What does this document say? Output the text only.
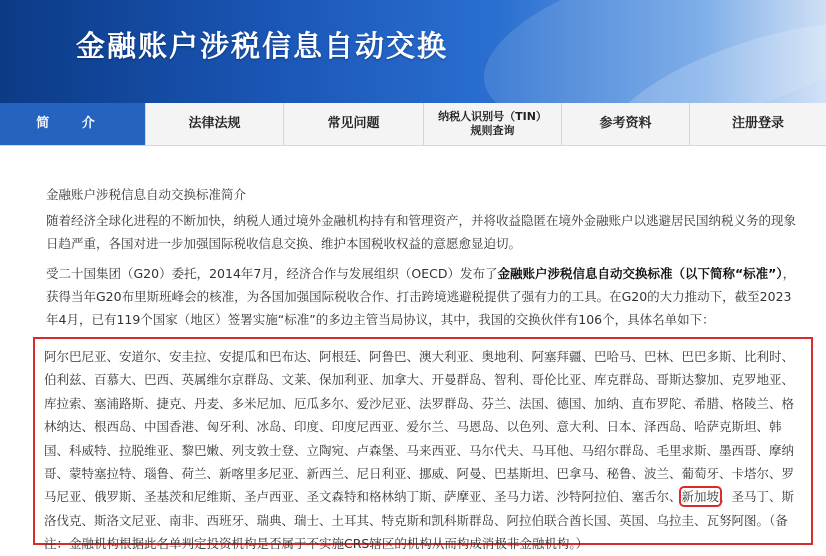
金融账户涉税信息自动交换
简 介	法律法规	常见问题	纳税人识别号（TIN）
规则查询	参考资料	注册登录
金融账户涉税信息自动交换标准简介
随着经济全球化进程的不断加快，纳税人通过境外金融机构持有和管理资产，并将收益隐匿在境外金融账户以逃避居民国纳税义务的现象日趋严重，各国对进一步加强国际税收信息交换、维护本国税收权益的意愿愈显迫切。
受二十国集团（G20）委托，2014年7月，经济合作与发展组织（OECD）发布了金融账户涉税信息自动交换标准（以下简称“标准”），获得当年G20布里斯班峰会的核准，为各国加强国际税收合作、打击跨境逃避税提供了强有力的工具。在G20的大力推动下，截至2023年4月，已有119个国家（地区）签署实施“标准”的多边主管当局协议，其中，我国的交换伙伴有106个，具体名单如下：

阿尔巴尼亚、安道尔、安圭拉、安提瓜和巴布达、阿根廷、阿鲁巴、澳大利亚、奥地利、阿塞拜疆、巴哈马、巴林、巴巴多斯、比利时、伯利兹、百慕大、巴西、英属维尔京群岛、文莱、保加利亚、加拿大、开曼群岛、智利、哥伦比亚、库克群岛、哥斯达黎加、克罗地亚、库拉索、塞浦路斯、捷克、丹麦、多米尼加、厄瓜多尔、爱沙尼亚、法罗群岛、芬兰、法国、德国、加纳、直布罗陀、希腊、格陵兰、格林纳达、根西岛、中国香港、匈牙利、冰岛、印度、印度尼西亚、爱尔兰、马恩岛、以色列、意大利、日本、泽西岛、哈萨克斯坦、韩国、科威特、拉脱维亚、黎巴嫩、列支敦士登、立陶宛、卢森堡、马来西亚、马尔代夫、马耳他、马绍尔群岛、毛里求斯、墨西哥、摩纳哥、蒙特塞拉特、瑙鲁、荷兰、新喀里多尼亚、新西兰、尼日利亚、挪威、阿曼、巴基斯坦、巴拿马、秘鲁、波兰、葡萄牙、卡塔尔、罗马尼亚、俄罗斯、圣基茨和尼维斯、圣卢西亚、圣文森特和格林纳丁斯、萨摩亚、圣马力诺、沙特阿拉伯、塞舌尔、新加坡、圣马丁、斯洛伐克、斯洛文尼亚、南非、西班牙、瑞典、瑞士、土耳其、特克斯和凯科斯群岛、阿拉伯联合酋长国、英国、乌拉圭、瓦努阿图。（备注：金融机构根据此名单判定投资机构是否属于不实施CRS辖区的机构从而构成消极非金融机构。）
